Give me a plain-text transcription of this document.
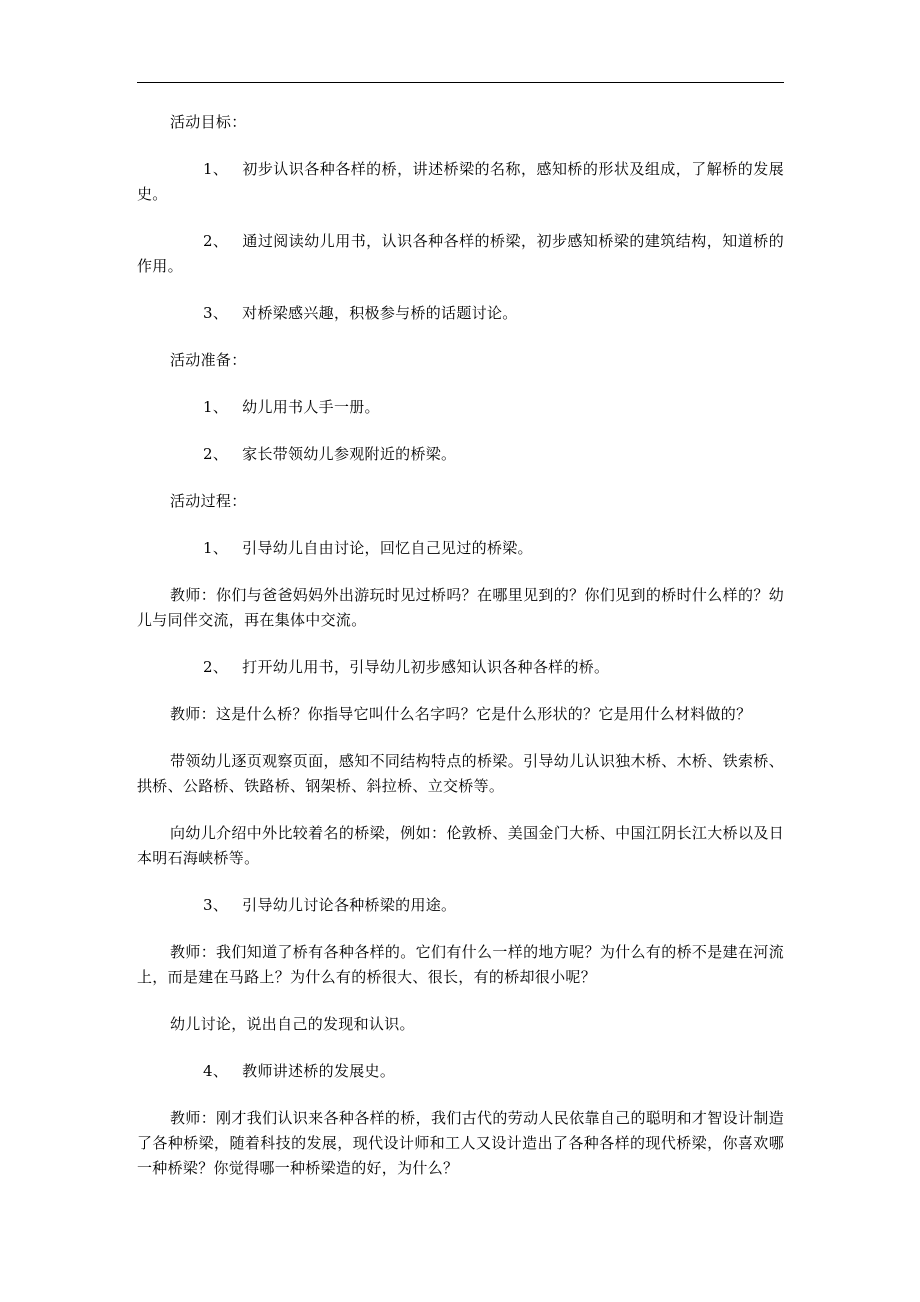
活动目标：

1、 初步认识各种各样的桥，讲述桥梁的名称，感知桥的形状及组成，了解桥的发展史。

2、 通过阅读幼儿用书，认识各种各样的桥梁，初步感知桥梁的建筑结构，知道桥的作用。

3、 对桥梁感兴趣，积极参与桥的话题讨论。

活动准备：

1、 幼儿用书人手一册。

2、 家长带领幼儿参观附近的桥梁。

活动过程：

1、 引导幼儿自由讨论，回忆自己见过的桥梁。

教师：你们与爸爸妈妈外出游玩时见过桥吗？在哪里见到的？你们见到的桥时什么样的？幼儿与同伴交流，再在集体中交流。

2、 打开幼儿用书，引导幼儿初步感知认识各种各样的桥。

教师：这是什么桥？你指导它叫什么名字吗？它是什么形状的？它是用什么材料做的？

带领幼儿逐页观察页面，感知不同结构特点的桥梁。引导幼儿认识独木桥、木桥、铁索桥、拱桥、公路桥、铁路桥、钢架桥、斜拉桥、立交桥等。

向幼儿介绍中外比较着名的桥梁，例如：伦敦桥、美国金门大桥、中国江阴长江大桥以及日本明石海峡桥等。

3、 引导幼儿讨论各种桥梁的用途。

教师：我们知道了桥有各种各样的。它们有什么一样的地方呢？为什么有的桥不是建在河流上，而是建在马路上？为什么有的桥很大、很长，有的桥却很小呢？

幼儿讨论，说出自己的发现和认识。

4、 教师讲述桥的发展史。

教师：刚才我们认识来各种各样的桥，我们古代的劳动人民依靠自己的聪明和才智设计制造了各种桥梁，随着科技的发展，现代设计师和工人又设计造出了各种各样的现代桥梁，你喜欢哪一种桥梁？你觉得哪一种桥梁造的好，为什么？
